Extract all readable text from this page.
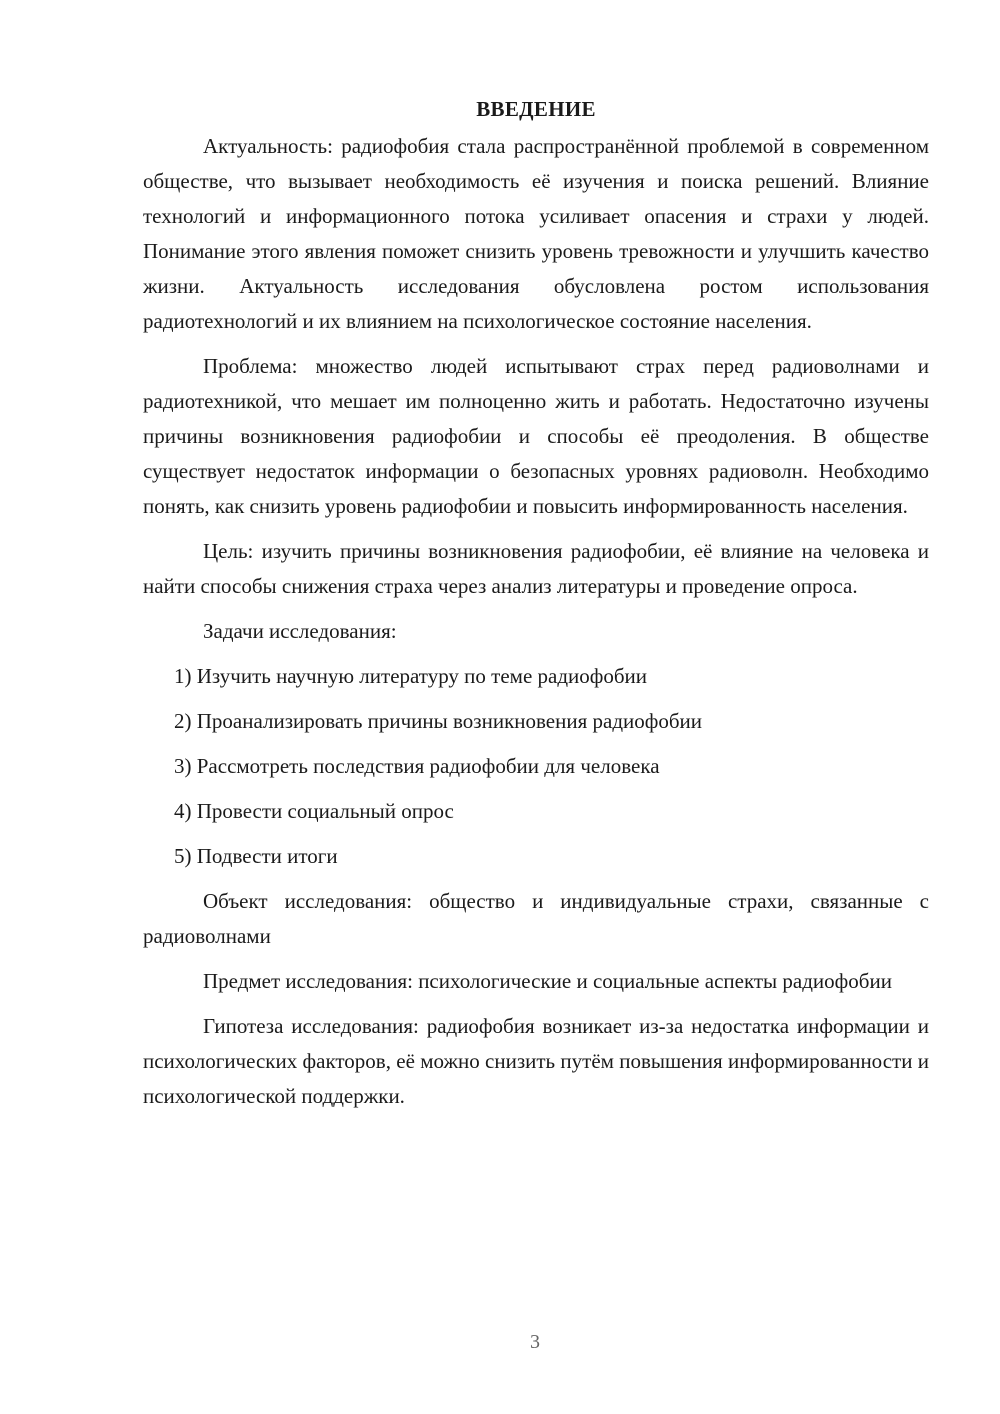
ВВЕДЕНИЕ

Актуальность: радиофобия стала распространённой проблемой в современном обществе, что вызывает необходимость её изучения и поиска решений. Влияние технологий и информационного потока усиливает опасения и страхи у людей. Понимание этого явления поможет снизить уровень тревожности и улучшить качество жизни. Актуальность исследования обусловлена ростом использования радиотехнологий и их влиянием на психологическое состояние населения.

Проблема: множество людей испытывают страх перед радиоволнами и радиотехникой, что мешает им полноценно жить и работать. Недостаточно изучены причины возникновения радиофобии и способы её преодоления. В обществе существует недостаток информации о безопасных уровнях радиоволн. Необходимо понять, как снизить уровень радиофобии и повысить информированность населения.

Цель: изучить причины возникновения радиофобии, её влияние на человека и найти способы снижения страха через анализ литературы и проведение опроса.

Задачи исследования:

1) Изучить научную литературу по теме радиофобии
2) Проанализировать причины возникновения радиофобии
3) Рассмотреть последствия радиофобии для человека
4) Провести социальный опрос
5) Подвести итоги

Объект исследования: общество и индивидуальные страхи, связанные с радиоволнами

Предмет исследования: психологические и социальные аспекты радиофобии

Гипотеза исследования: радиофобия возникает из-за недостатка информации и психологических факторов, её можно снизить путём повышения информированности и психологической поддержки.

3
